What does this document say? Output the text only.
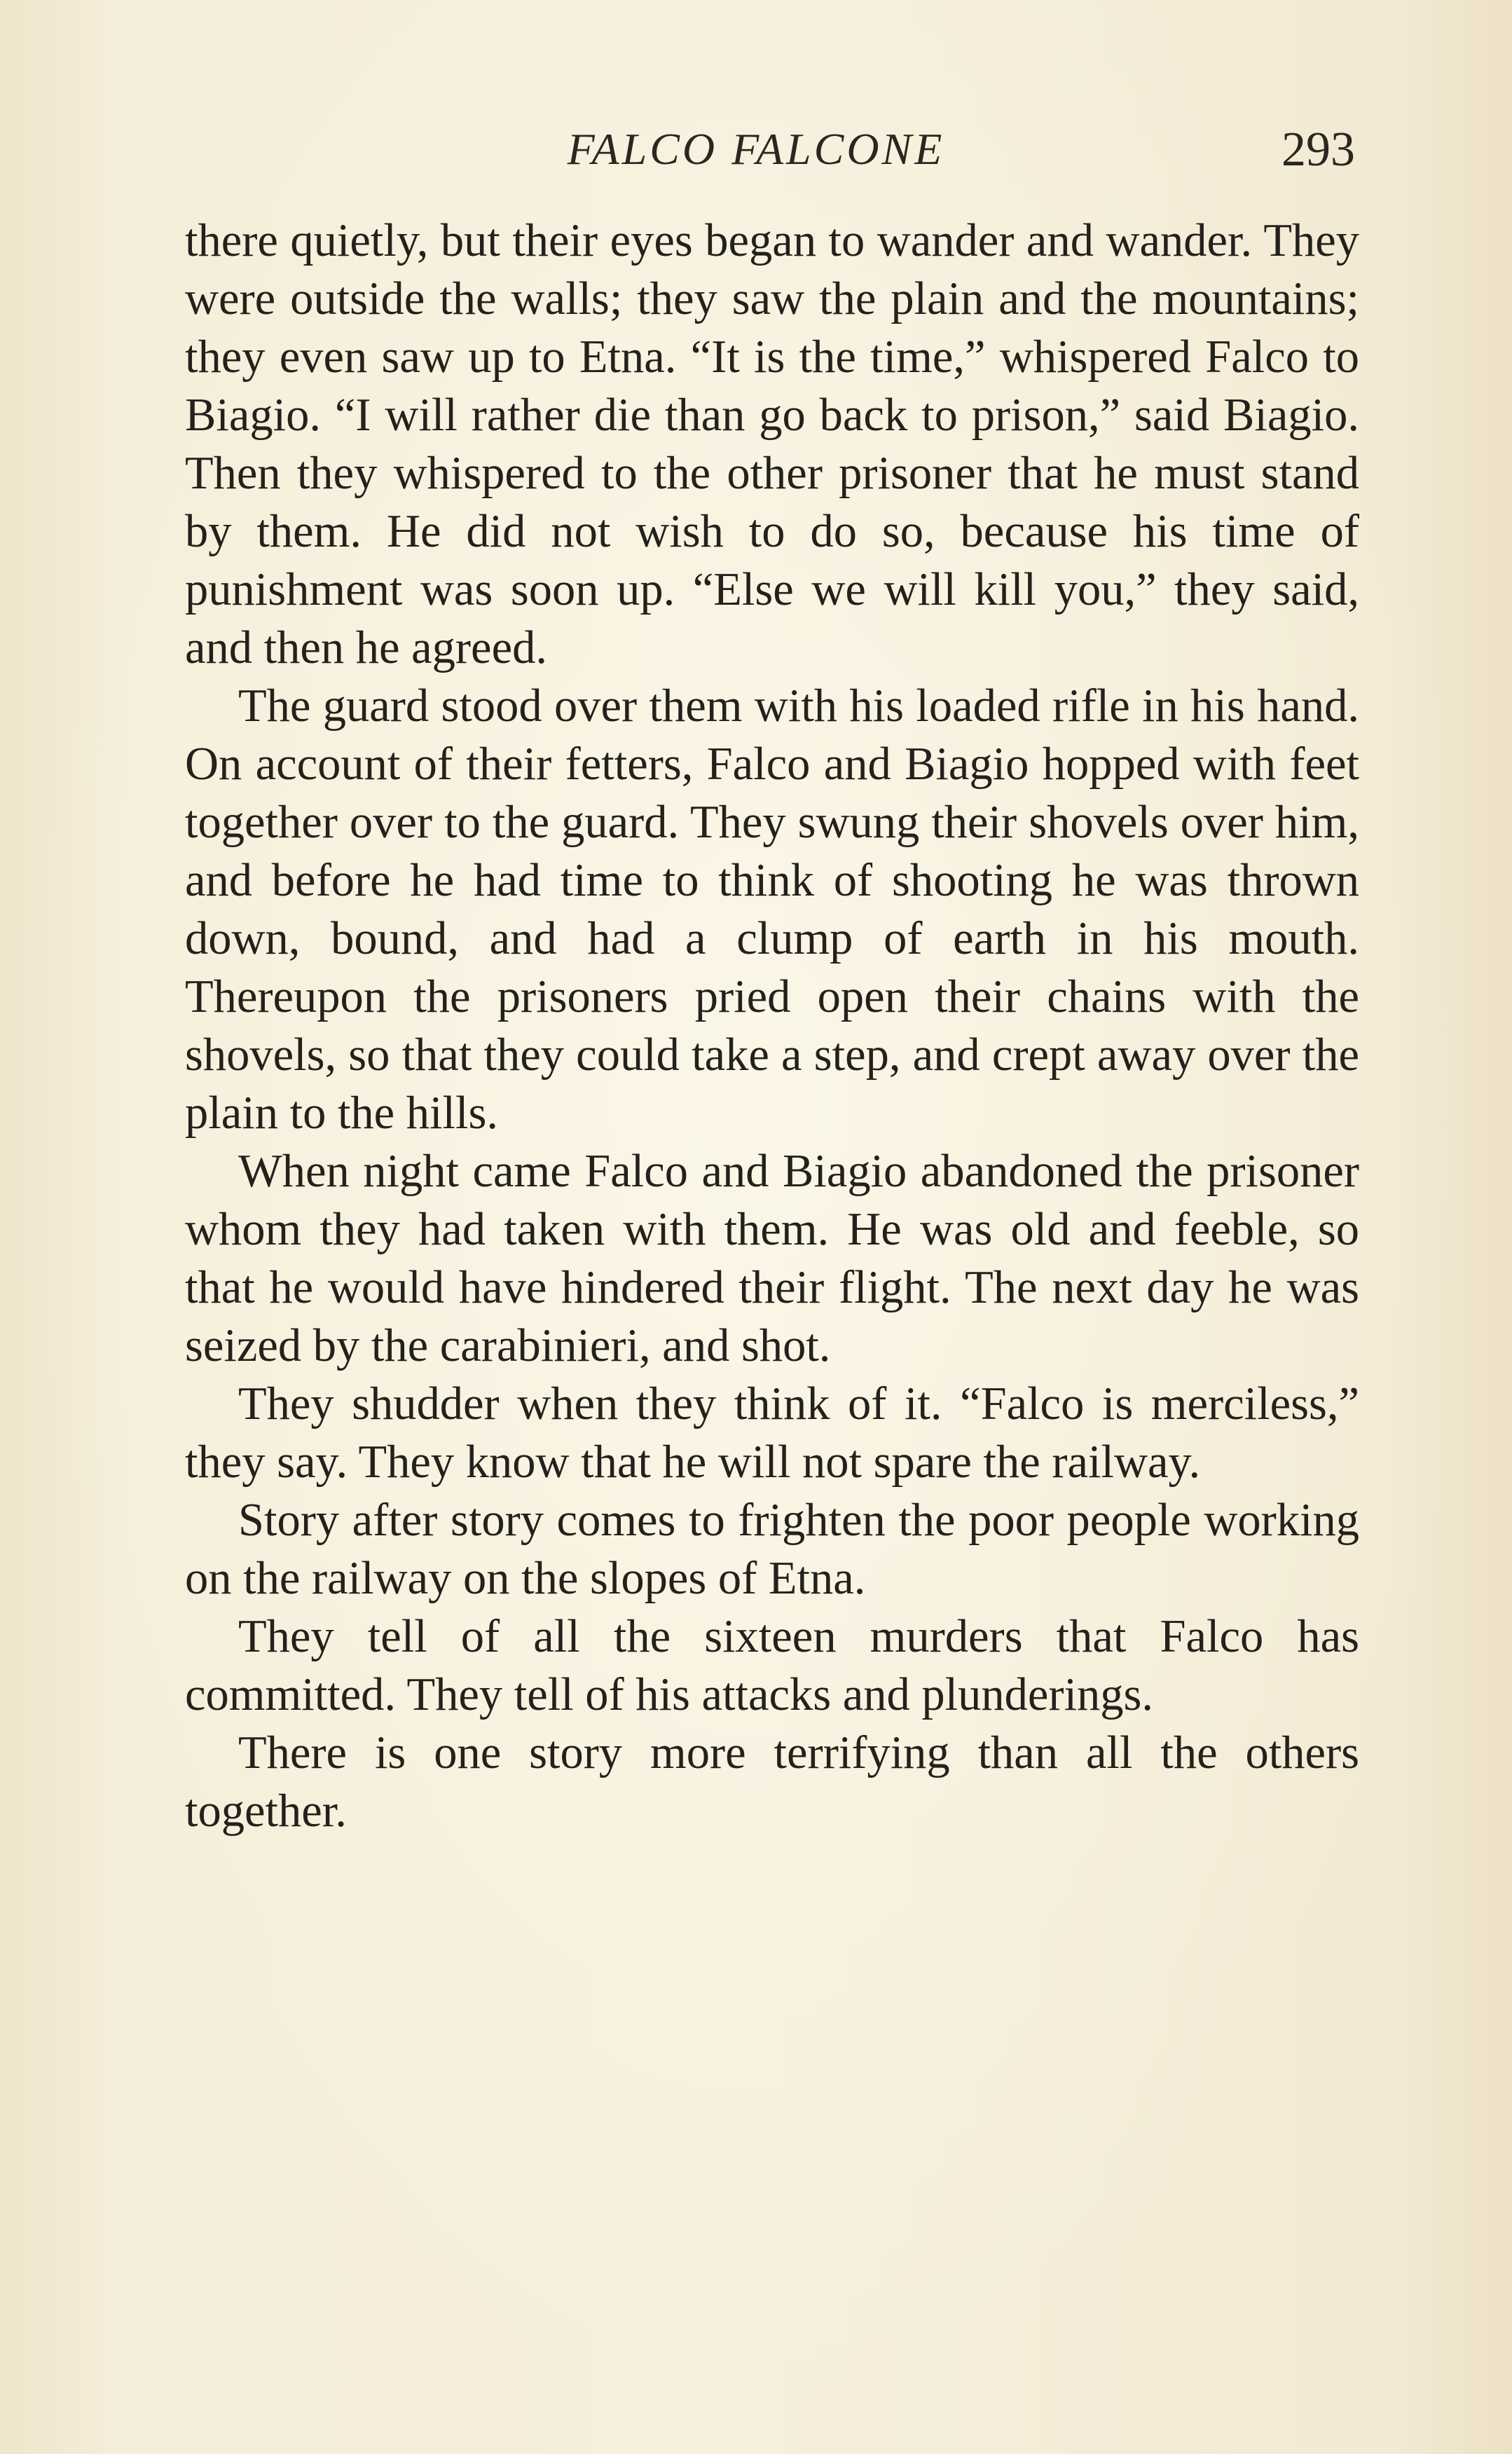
FALCO FALCONE	293

there quietly, but their eyes began to wander and wander. They were outside the walls; they saw the plain and the mountains; they even saw up to Etna. “It is the time,” whispered Falco to Biagio. “I will rather die than go back to prison,” said Biagio. Then they whispered to the other prisoner that he must stand by them. He did not wish to do so, because his time of punishment was soon up. “Else we will kill you,” they said, and then he agreed.

The guard stood over them with his loaded rifle in his hand. On account of their fetters, Falco and Biagio hopped with feet together over to the guard. They swung their shovels over him, and before he had time to think of shooting he was thrown down, bound, and had a clump of earth in his mouth. Thereupon the prisoners pried open their chains with the shovels, so that they could take a step, and crept away over the plain to the hills.

When night came Falco and Biagio abandoned the prisoner whom they had taken with them. He was old and feeble, so that he would have hindered their flight. The next day he was seized by the carabinieri, and shot.

They shudder when they think of it. “Falco is merciless,” they say. They know that he will not spare the railway.

Story after story comes to frighten the poor people working on the railway on the slopes of Etna.

They tell of all the sixteen murders that Falco has committed. They tell of his attacks and plunderings.

There is one story more terrifying than all the others together.
